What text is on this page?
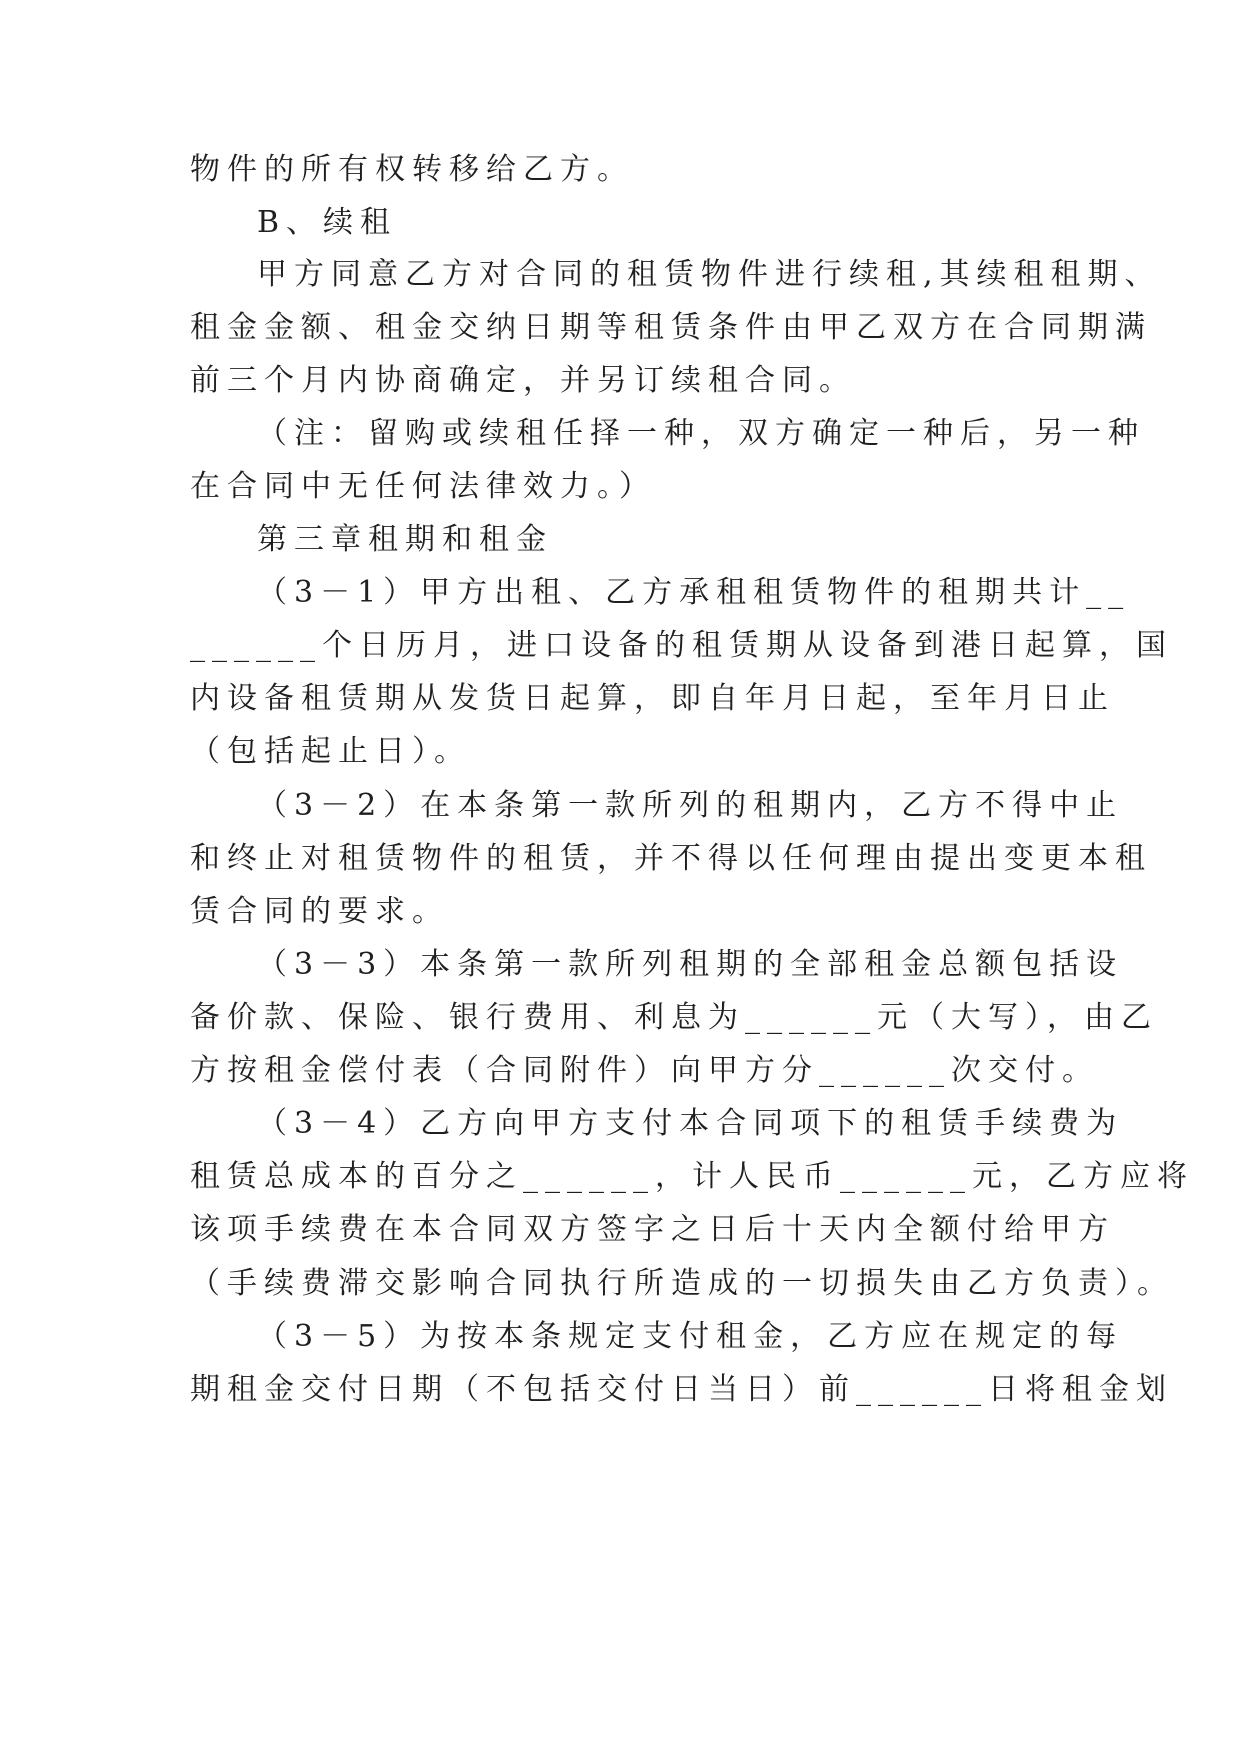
物件的所有权转移给乙方。
B、续租
甲方同意乙方对合同的租赁物件进行续租,其续租租期、
租金金额、租金交纳日期等租赁条件由甲乙双方在合同期满
前三个月内协商确定，并另订续租合同。
（注：留购或续租任择一种，双方确定一种后，另一种
在合同中无任何法律效力。）
第三章租期和租金
（3－1）甲方出租、乙方承租租赁物件的租期共计__
______个日历月，进口设备的租赁期从设备到港日起算，国
内设备租赁期从发货日起算，即自年月日起，至年月日止
（包括起止日）。
（3－2）在本条第一款所列的租期内，乙方不得中止
和终止对租赁物件的租赁，并不得以任何理由提出变更本租
赁合同的要求。
（3－3）本条第一款所列租期的全部租金总额包括设
备价款、保险、银行费用、利息为______元（大写），由乙
方按租金偿付表（合同附件）向甲方分______次交付。
（3－4）乙方向甲方支付本合同项下的租赁手续费为
租赁总成本的百分之______，计人民币______元，乙方应将
该项手续费在本合同双方签字之日后十天内全额付给甲方
（手续费滞交影响合同执行所造成的一切损失由乙方负责）。
（3－5）为按本条规定支付租金，乙方应在规定的每
期租金交付日期（不包括交付日当日）前______日将租金划
